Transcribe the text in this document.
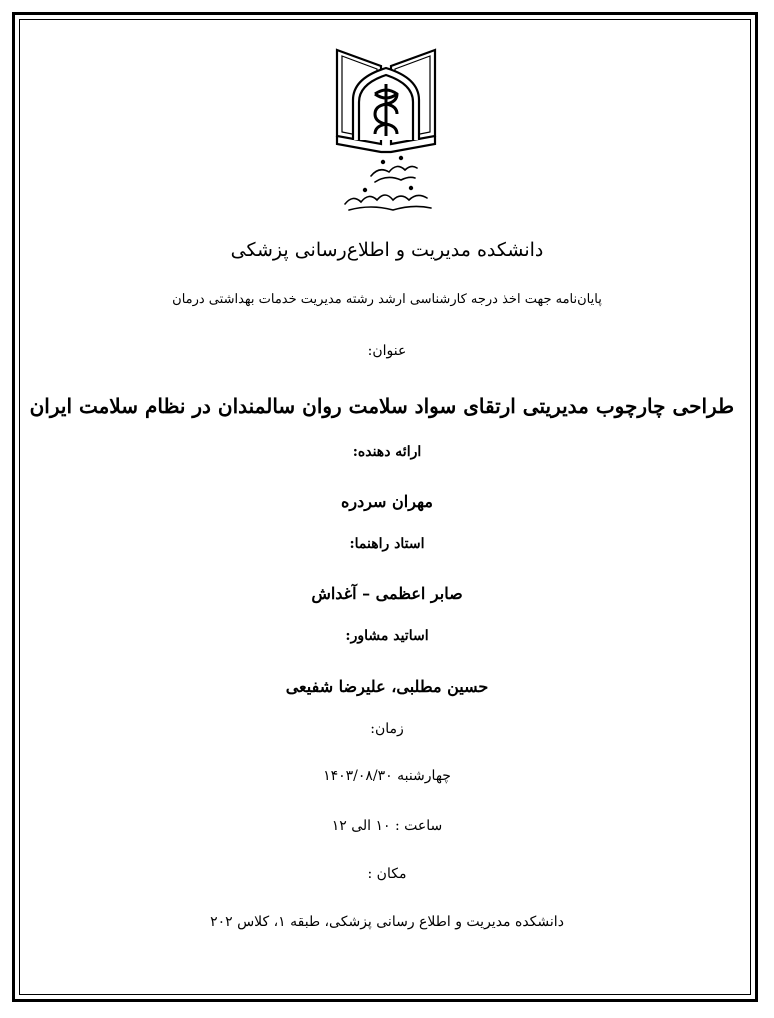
دانشکده مدیریت و اطلاع‌رسانی پزشکی
پایان‌نامه جهت اخذ درجه کارشناسی ارشد رشته مدیریت خدمات بهداشتی درمان
عنوان:
طراحی چارچوب مدیریتی ارتقای سواد سلامت روان سالمندان در نظام سلامت ایران
ارائه دهنده:
مهران سردره
استاد راهنما:
صابر اعظمی – آغداش
اساتید مشاور:
حسین مطلبی، علیرضا شفیعی
زمان:
چهارشنبه ۱۴۰۳/۰۸/۳۰
ساعت : ۱۰ الی ۱۲
مکان :
دانشکده مدیریت و اطلاع رسانی پزشکی، طبقه ۱، کلاس ۲۰۲
